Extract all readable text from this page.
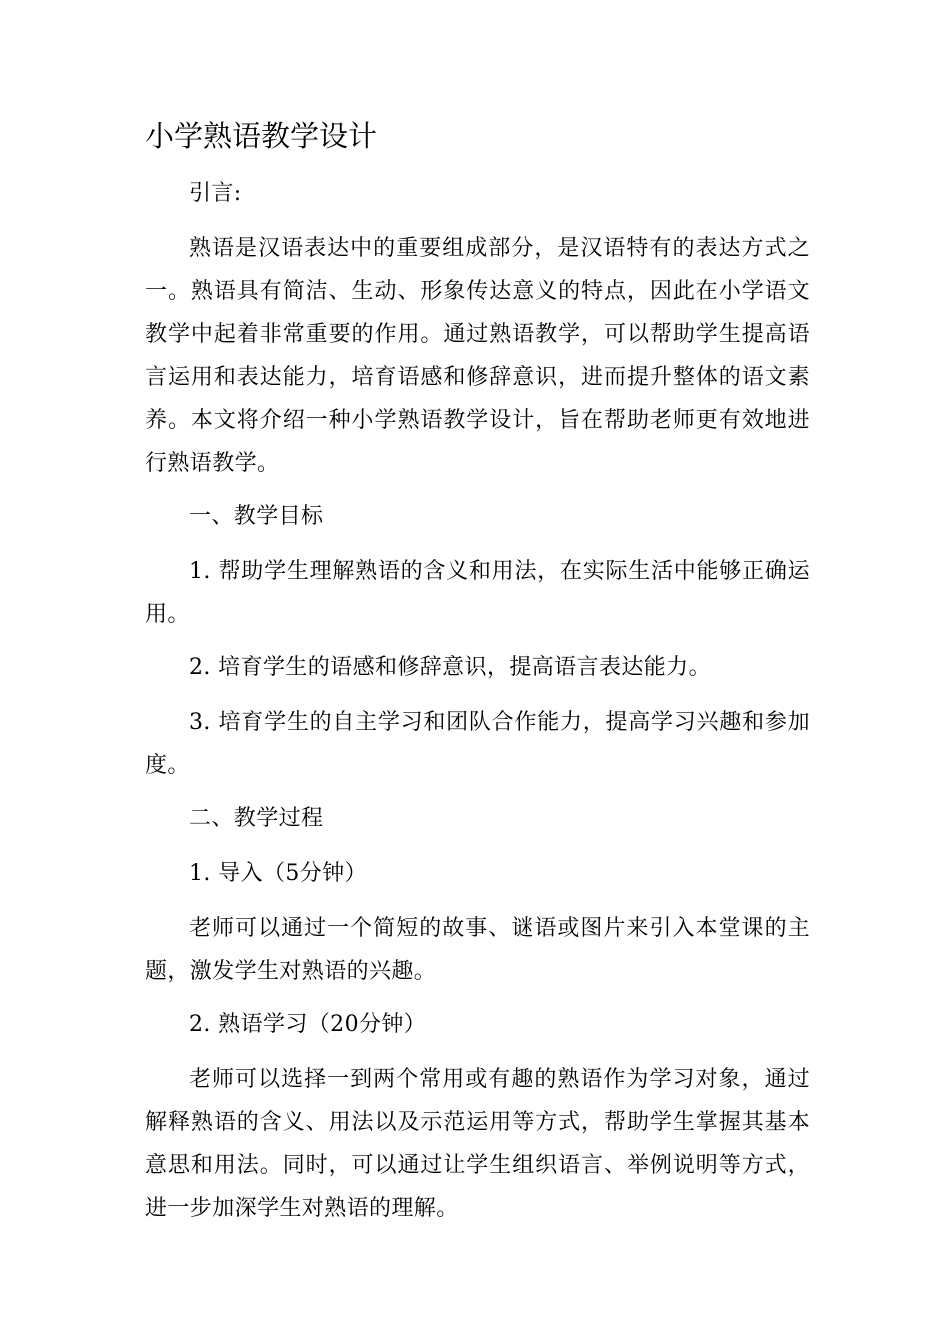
小学熟语教学设计

引言:

熟语是汉语表达中的重要组成部分，是汉语特有的表达方式之一。熟语具有简洁、生动、形象传达意义的特点，因此在小学语文教学中起着非常重要的作用。通过熟语教学，可以帮助学生提高语言运用和表达能力，培育语感和修辞意识，进而提升整体的语文素养。本文将介绍一种小学熟语教学设计，旨在帮助老师更有效地进行熟语教学。

一、教学目标

1. 帮助学生理解熟语的含义和用法，在实际生活中能够正确运用。

2. 培育学生的语感和修辞意识，提高语言表达能力。

3. 培育学生的自主学习和团队合作能力，提高学习兴趣和参加度。

二、教学过程

1. 导入（5分钟）

老师可以通过一个简短的故事、谜语或图片来引入本堂课的主题，激发学生对熟语的兴趣。

2. 熟语学习（20分钟）

老师可以选择一到两个常用或有趣的熟语作为学习对象，通过解释熟语的含义、用法以及示范运用等方式，帮助学生掌握其基本意思和用法。同时，可以通过让学生组织语言、举例说明等方式，进一步加深学生对熟语的理解。
